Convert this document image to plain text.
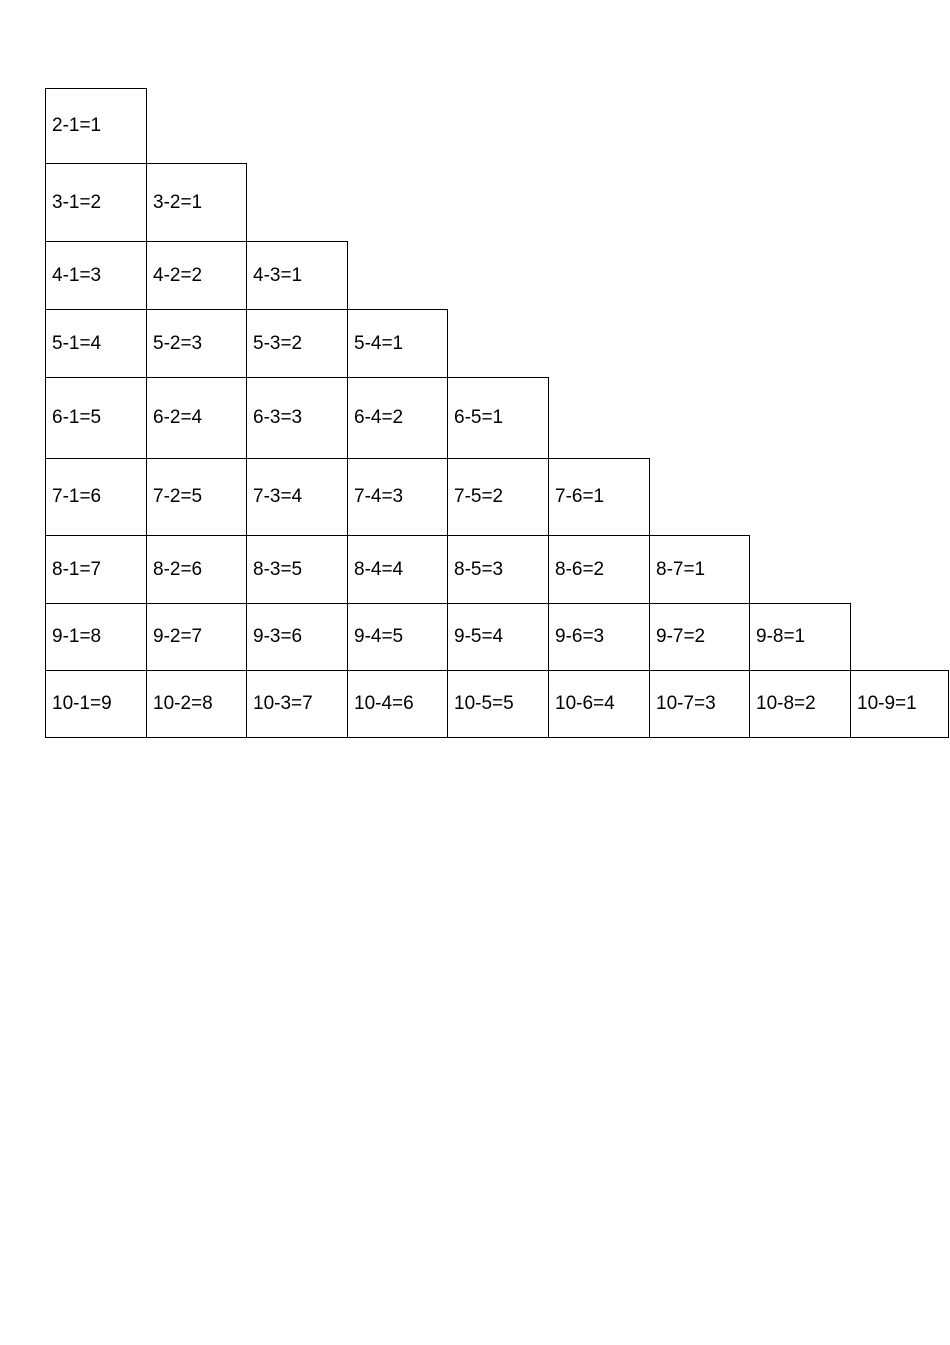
2-1=1
3-1=2	3-2=1
4-1=3	4-2=2	4-3=1
5-1=4	5-2=3	5-3=2	5-4=1
6-1=5	6-2=4	6-3=3	6-4=2	6-5=1
7-1=6	7-2=5	7-3=4	7-4=3	7-5=2	7-6=1
8-1=7	8-2=6	8-3=5	8-4=4	8-5=3	8-6=2	8-7=1
9-1=8	9-2=7	9-3=6	9-4=5	9-5=4	9-6=3	9-7=2	9-8=1
10-1=9	10-2=8	10-3=7	10-4=6	10-5=5	10-6=4	10-7=3	10-8=2	10-9=1
